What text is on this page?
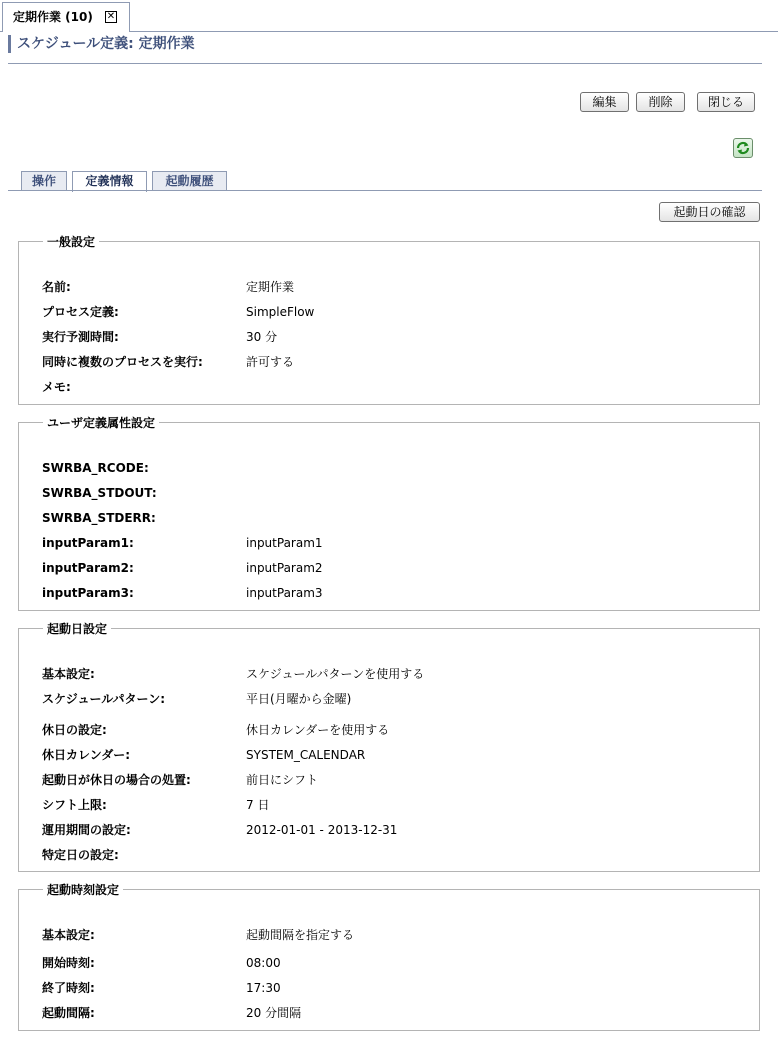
定期作業 (10) ✕
スケジュール定義: 定期作業
編集	削除	閉じる
操作	定義情報	起動履歴
起動日の確認
一般設定
名前:	定期作業
プロセス定義:	SimpleFlow
実行予測時間:	30 分
同時に複数のプロセスを実行:	許可する
メモ:
ユーザ定義属性設定
SWRBA_RCODE:
SWRBA_STDOUT:
SWRBA_STDERR:
inputParam1:	inputParam1
inputParam2:	inputParam2
inputParam3:	inputParam3
起動日設定
基本設定:	スケジュールパターンを使用する
スケジュールパターン:	平日(月曜から金曜)
休日の設定:	休日カレンダーを使用する
休日カレンダー:	SYSTEM_CALENDAR
起動日が休日の場合の処置:	前日にシフト
シフト上限:	7 日
運用期間の設定:	2012-01-01 - 2013-12-31
特定日の設定:
起動時刻設定
基本設定:	起動間隔を指定する
開始時刻:	08:00
終了時刻:	17:30
起動間隔:	20 分間隔
